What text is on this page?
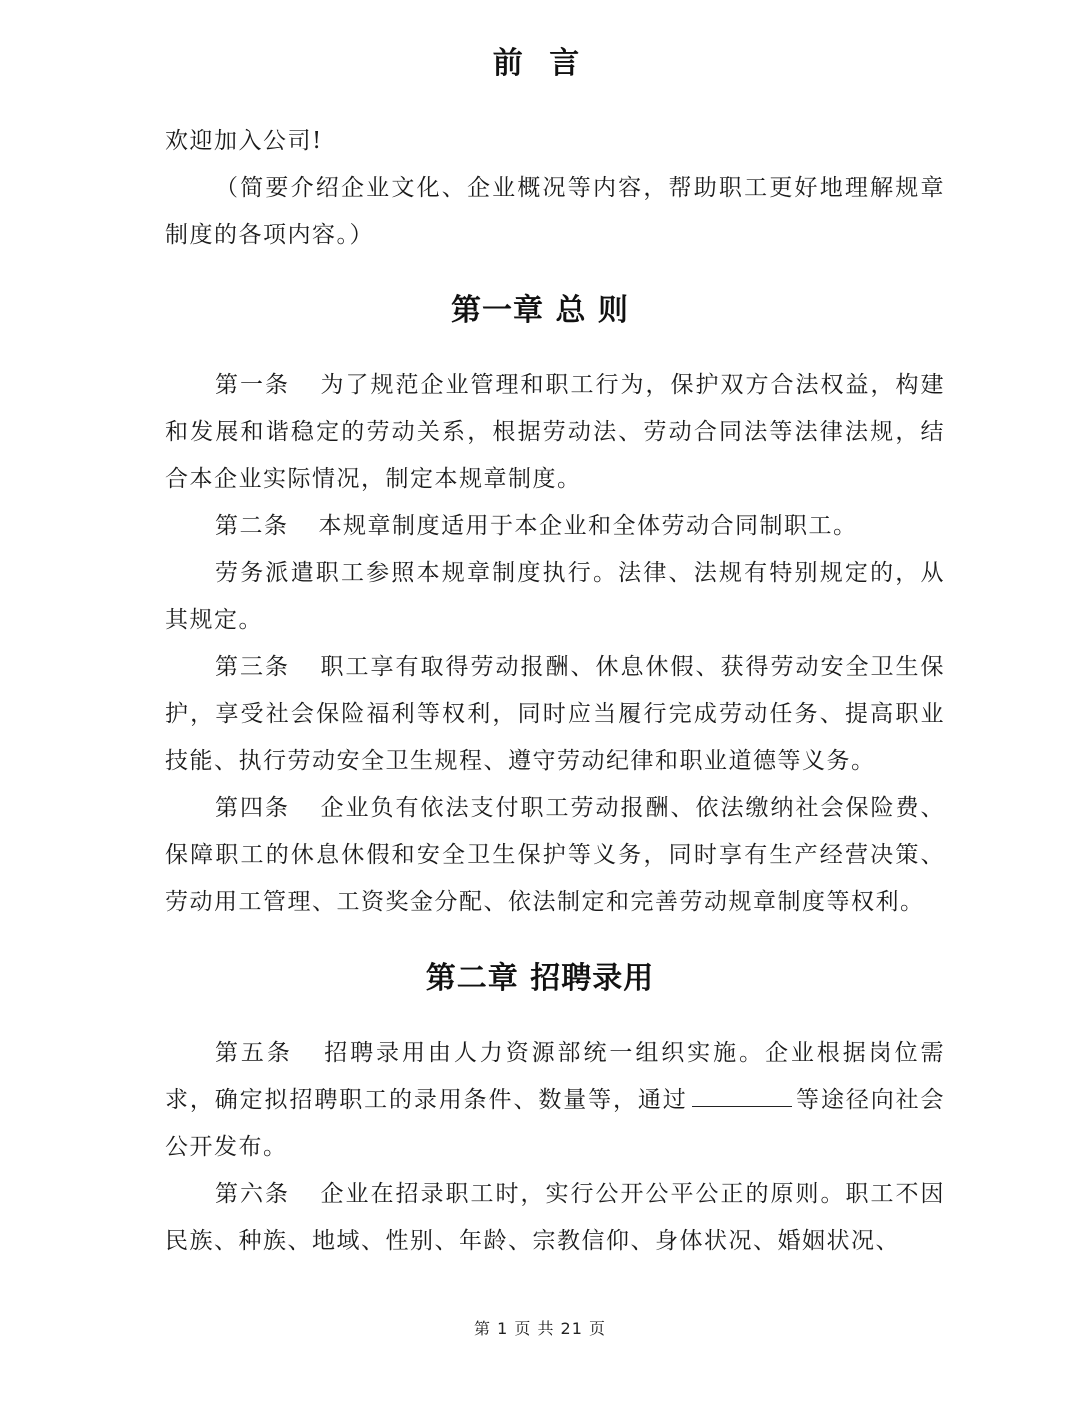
前 言
欢迎加入公司!
（简要介绍企业文化、企业概况等内容，帮助职工更好地理解规章制度的各项内容。）
第一章 总 则
第一条 为了规范企业管理和职工行为，保护双方合法权益，构建和发展和谐稳定的劳动关系，根据劳动法、劳动合同法等法律法规，结合本企业实际情况，制定本规章制度。
第二条 本规章制度适用于本企业和全体劳动合同制职工。
劳务派遣职工参照本规章制度执行。法律、法规有特别规定的，从其规定。
第三条 职工享有取得劳动报酬、休息休假、获得劳动安全卫生保护，享受社会保险福利等权利，同时应当履行完成劳动任务、提高职业技能、执行劳动安全卫生规程、遵守劳动纪律和职业道德等义务。
第四条 企业负有依法支付职工劳动报酬、依法缴纳社会保险费、保障职工的休息休假和安全卫生保护等义务，同时享有生产经营决策、劳动用工管理、工资奖金分配、依法制定和完善劳动规章制度等权利。
第二章 招聘录用
第五条 招聘录用由人力资源部统一组织实施。企业根据岗位需求，确定拟招聘职工的录用条件、数量等，通过	等途径向社会公开发布。
第六条 企业在招录职工时，实行公开公平公正的原则。职工不因民族、种族、地域、性别、年龄、宗教信仰、身体状况、婚姻状况、
第 1 页 共 21 页
